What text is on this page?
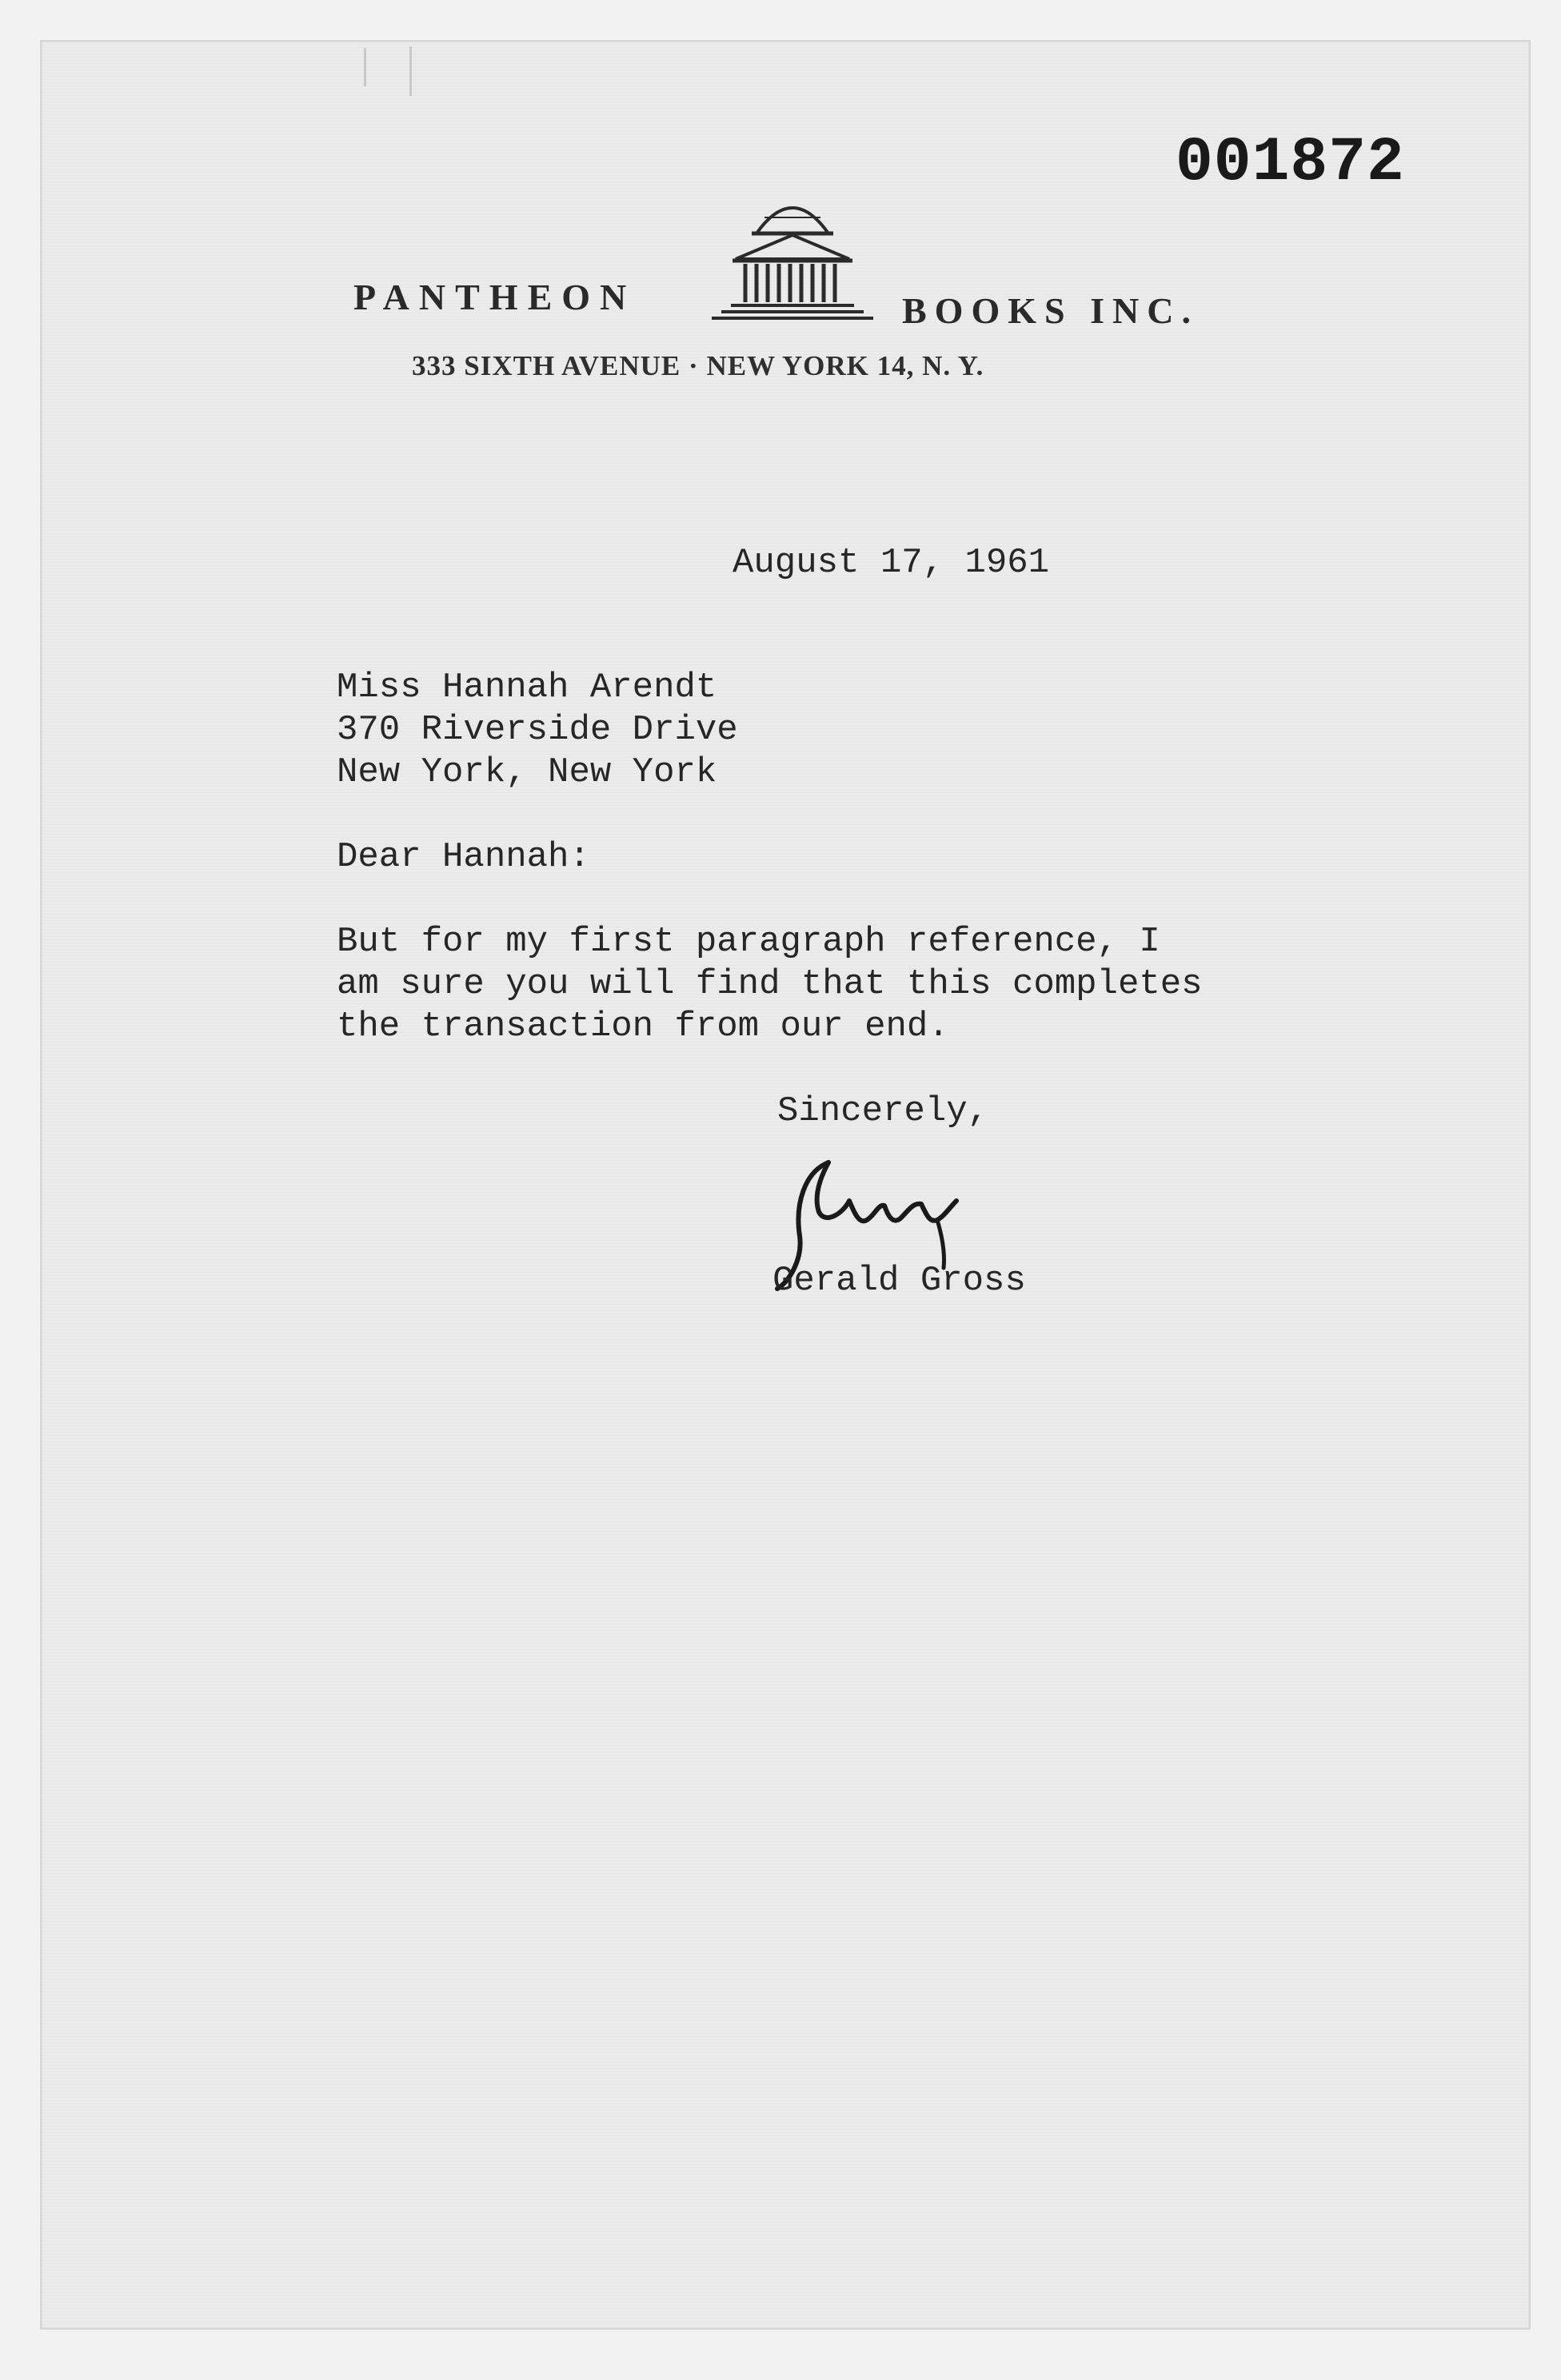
001872
PANTHEON	BOOKS INC.
333 SIXTH AVENUE · NEW YORK 14, N. Y.
August 17, 1961
Miss Hannah Arendt
370 Riverside Drive
New York, New York
Dear Hannah:
But for my first paragraph reference, I
am sure you will find that this completes
the transaction from our end.
Sincerely,
Gerald Gross
